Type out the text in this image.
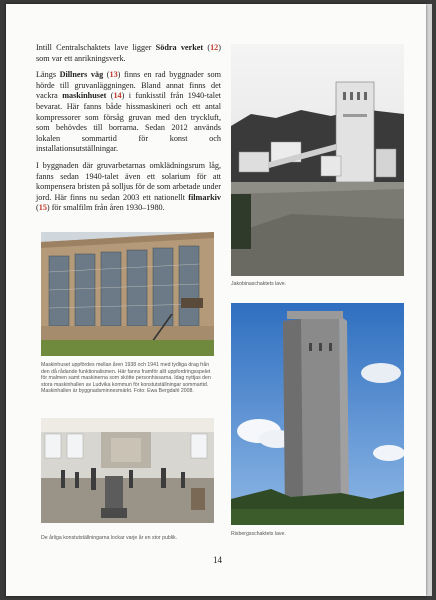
Intill Centralschaktets lave ligger Södra verket (12) som var ett anrikningsverk.

Längs Dillners väg (13) finns en rad byggnader som hörde till gruvanläggningen. Bland annat finns det vackra maskinhuset (14) i funkisstil från 1940-talet bevarat. Här fanns både hissmaskineri och ett antal kompressorer som försåg gruvan med den tryckluft, som behövdes till borrarna. Sedan 2012 används lokalen sommartid för konst och installationsutställningar.

I byggnaden där gruvarbetarnas omklädningsrum låg, fanns sedan 1940-talet även ett solarium för att kompensera bristen på solljus för de som arbetade under jord. Här finns nu sedan 2003 ett nationellt filmarkiv (15) för smalfilm från åren 1930–1980.

Jakobinaschaktets lave.
Maskinhuset uppfördes mellan åren 1938 och 1941 med tydliga drag från den då rådande funktionalismen. Här fanns framför allt uppfordringsspelet för malmen samt maskinerna som skötte personhissarna. Idag nyttjas den stora maskinhallen av Ludvika kommun för konstutställningar sommartid. Maskinhallen är byggnadsminnesmärkt. Foto: Ewa Bergdahl 2008.
De årliga konstutställningarna lockar varje år en stor publik.
Risbergsschaktets lave.
14
